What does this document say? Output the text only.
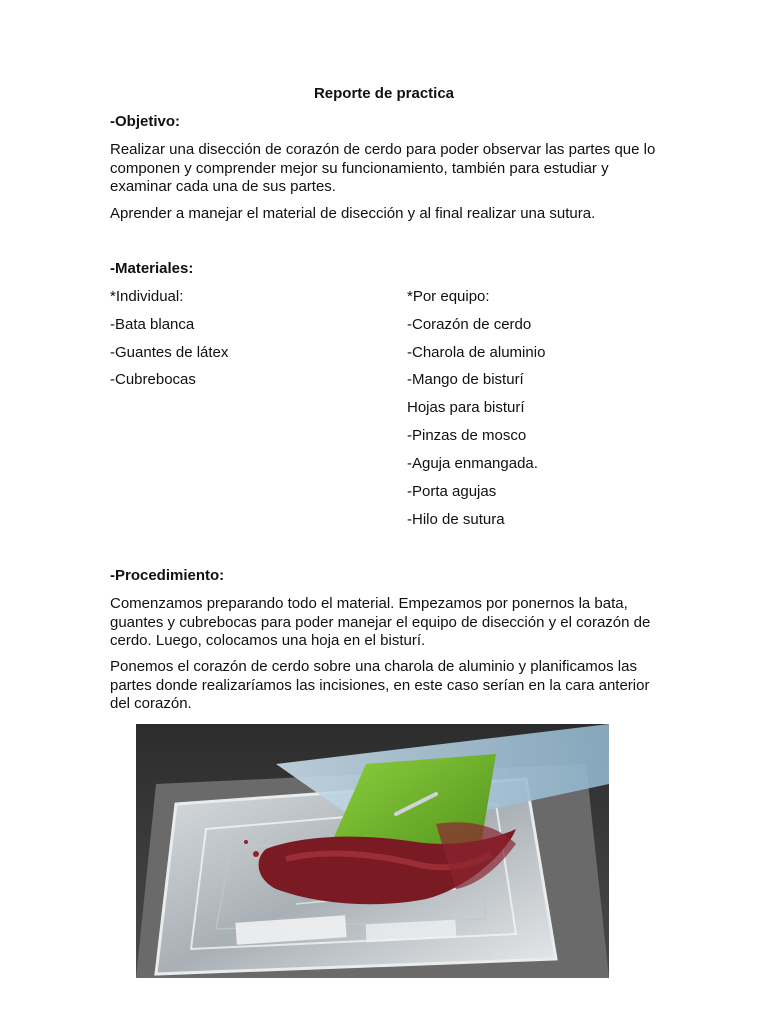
Reporte de practica
-Objetivo:
Realizar una disección de corazón de cerdo para poder observar las partes que lo componen y comprender mejor su funcionamiento, también para estudiar y examinar cada una de sus partes.
Aprender a manejar el material de disección y al final realizar una sutura.
-Materiales:
*Individual:
-Bata blanca
-Guantes de látex
-Cubrebocas
*Por equipo:
-Corazón de cerdo
-Charola de aluminio
-Mango de bisturí
Hojas para bisturí
-Pinzas de mosco
-Aguja enmangada.
-Porta agujas
-Hilo de sutura
-Procedimiento:
Comenzamos preparando todo el material. Empezamos por ponernos la bata, guantes y cubrebocas para poder manejar el equipo de disección y el corazón de cerdo. Luego, colocamos una hoja en el bisturí.
Ponemos el corazón de cerdo sobre una charola de aluminio y planificamos las partes donde realizaríamos las incisiones, en este caso serían en la cara anterior del corazón.
